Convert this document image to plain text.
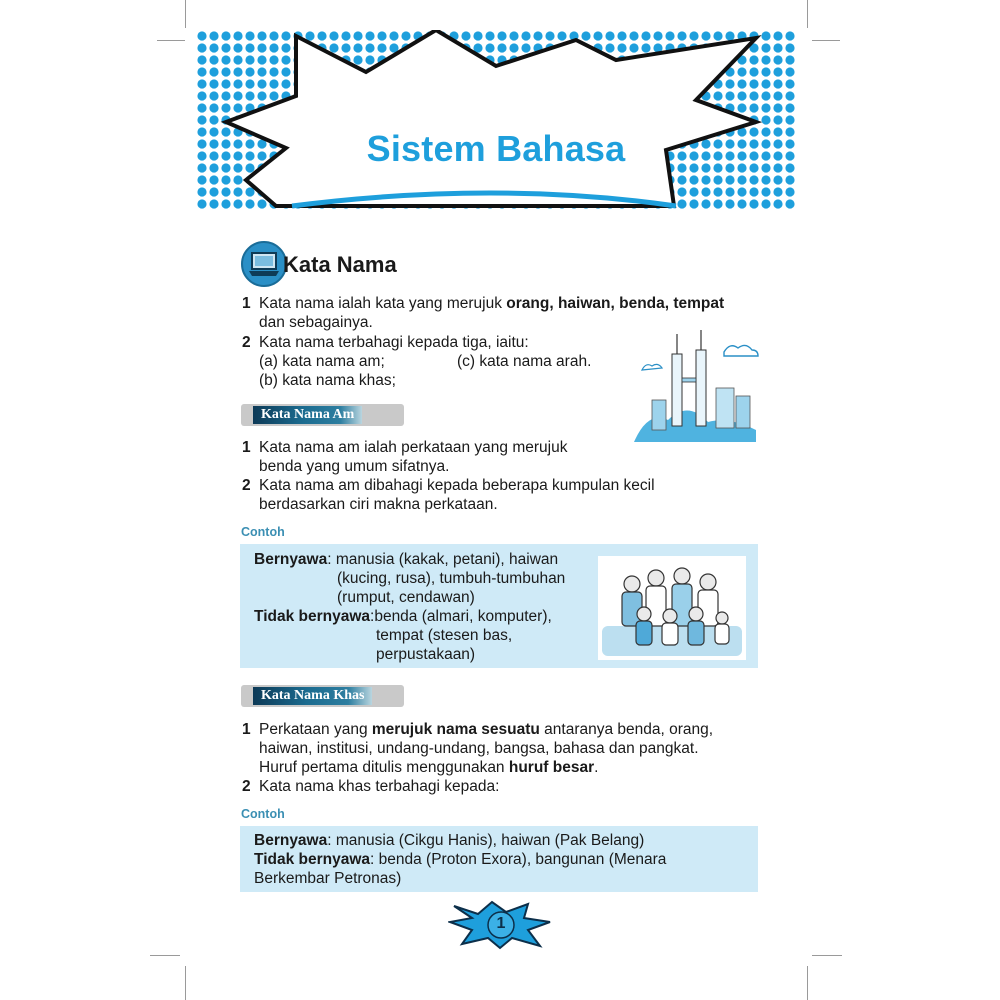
Sistem Bahasa
Kata Nama
1 Kata nama ialah kata yang merujuk orang, haiwan, benda, tempat
dan sebagainya.
2 Kata nama terbahagi kepada tiga, iaitu:
(a) kata nama am;
(b) kata nama khas;
(c) kata nama arah.
Kata Nama Am
1 Kata nama am ialah perkataan yang merujuk
benda yang umum sifatnya.
2 Kata nama am dibahagi kepada beberapa kumpulan kecil
berdasarkan ciri makna perkataan.
Contoh
Bernyawa: manusia (kakak, petani), haiwan
(kucing, rusa), tumbuh-tumbuhan
(rumput, cendawan)
Tidak bernyawa:benda (almari, komputer),
tempat (stesen bas,
perpustakaan)
Kata Nama Khas
1 Perkataan yang merujuk nama sesuatu antaranya benda, orang,
haiwan, institusi, undang-undang, bangsa, bahasa dan pangkat.
Huruf pertama ditulis menggunakan huruf besar.
2 Kata nama khas terbahagi kepada:
Contoh
Bernyawa: manusia (Cikgu Hanis), haiwan (Pak Belang)
Tidak bernyawa: benda (Proton Exora), bangunan (Menara
Berkembar Petronas)
1
